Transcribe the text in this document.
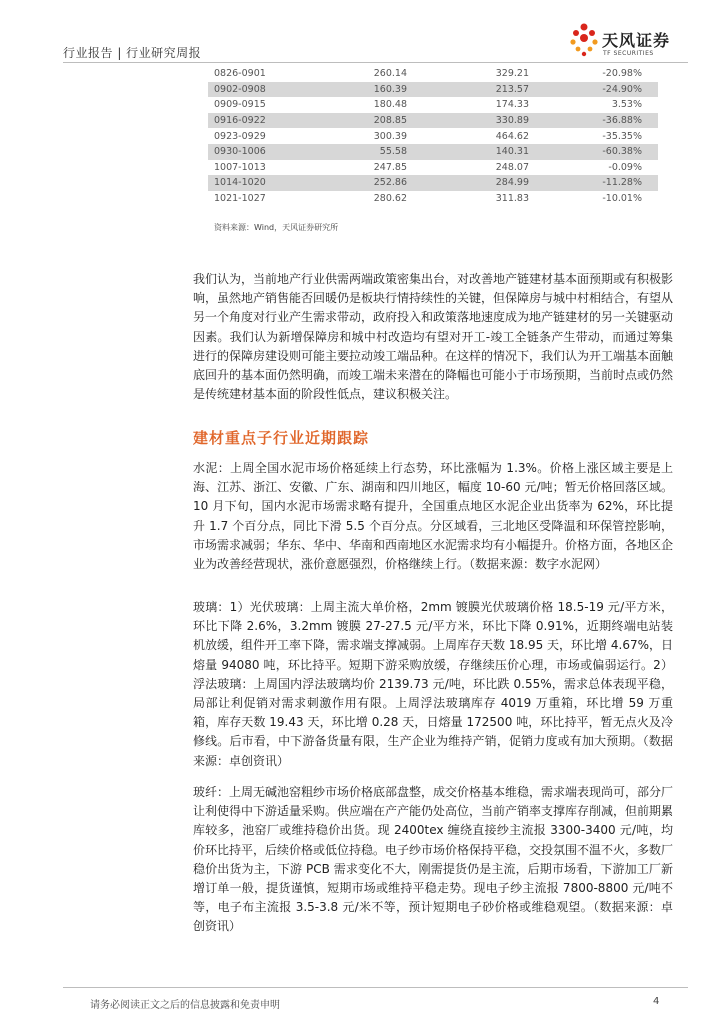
行业报告 | 行业研究周报
天风证券
TF SECURITIES
0826-0901	260.14	329.21	-20.98%
0902-0908	160.39	213.57	-24.90%
0909-0915	180.48	174.33	3.53%
0916-0922	208.85	330.89	-36.88%
0923-0929	300.39	464.62	-35.35%
0930-1006	55.58	140.31	-60.38%
1007-1013	247.85	248.07	-0.09%
1014-1020	252.86	284.99	-11.28%
1021-1027	280.62	311.83	-10.01%
资料来源：Wind，天风证券研究所

我们认为，当前地产行业供需两端政策密集出台，对改善地产链建材基本面预期或有积极影响，虽然地产销售能否回暖仍是板块行情持续性的关键，但保障房与城中村相结合，有望从另一个角度对行业产生需求带动，政府投入和政策落地速度成为地产链建材的另一关键驱动因素。我们认为新增保障房和城中村改造均有望对开工-竣工全链条产生带动，而通过筹集进行的保障房建设则可能主要拉动竣工端品种。在这样的情况下，我们认为开工端基本面触底回升的基本面仍然明确，而竣工端未来潜在的降幅也可能小于市场预期，当前时点或仍然是传统建材基本面的阶段性低点，建议积极关注。

建材重点子行业近期跟踪

水泥：上周全国水泥市场价格延续上行态势，环比涨幅为 1.3%。价格上涨区域主要是上海、江苏、浙江、安徽、广东、湖南和四川地区，幅度 10-60 元/吨；暂无价格回落区域。10 月下旬，国内水泥市场需求略有提升，全国重点地区水泥企业出货率为 62%，环比提升 1.7 个百分点，同比下滑 5.5 个百分点。分区域看，三北地区受降温和环保管控影响，市场需求减弱；华东、华中、华南和西南地区水泥需求均有小幅提升。价格方面，各地区企业为改善经营现状，涨价意愿强烈，价格继续上行。（数据来源：数字水泥网）

玻璃：1）光伏玻璃：上周主流大单价格，2mm 镀膜光伏玻璃价格 18.5-19 元/平方米，环比下降 2.6%，3.2mm 镀膜 27-27.5 元/平方米，环比下降 0.91%，近期终端电站装机放缓，组件开工率下降，需求端支撑减弱。上周库存天数 18.95 天，环比增 4.67%，日熔量 94080 吨，环比持平。短期下游采购放缓，存继续压价心理，市场或偏弱运行。2）浮法玻璃：上周国内浮法玻璃均价 2139.73 元/吨，环比跌 0.55%，需求总体表现平稳，局部让利促销对需求刺激作用有限。上周浮法玻璃库存 4019 万重箱，环比增 59 万重箱，库存天数 19.43 天，环比增 0.28 天，日熔量 172500 吨，环比持平，暂无点火及冷修线。后市看，中下游备货量有限，生产企业为维持产销，促销力度或有加大预期。（数据来源：卓创资讯）

玻纤：上周无碱池窑粗纱市场价格底部盘整，成交价格基本维稳，需求端表现尚可，部分厂让利使得中下游适量采购。供应端在产产能仍处高位，当前产销率支撑库存削减，但前期累库较多，池窑厂或维持稳价出货。现 2400tex 缠绕直接纱主流报 3300-3400 元/吨，均价环比持平，后续价格或低位持稳。电子纱市场价格保持平稳，交投氛围不温不火，多数厂稳价出货为主，下游 PCB 需求变化不大，刚需提货仍是主流，后期市场看，下游加工厂新增订单一般，提货谨慎，短期市场或维持平稳走势。现电子纱主流报 7800-8800 元/吨不等，电子布主流报 3.5-3.8 元/米不等，预计短期电子砂价格或维稳观望。（数据来源：卓创资讯）

请务必阅读正文之后的信息披露和免责申明	4
